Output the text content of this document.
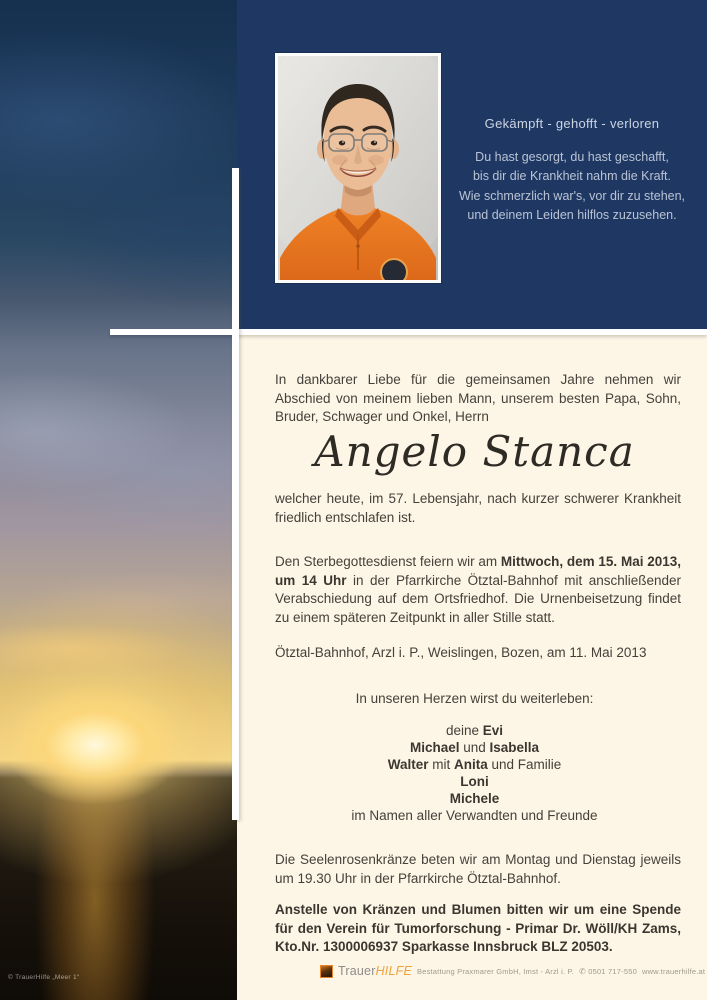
© TrauerHilfe „Meer 1“
Gekämpft - gehofft - verloren
Du hast gesorgt, du hast geschafft,
bis dir die Krankheit nahm die Kraft.
Wie schmerzlich war's, vor dir zu stehen,
und deinem Leiden hilflos zuzusehen.
In dankbarer Liebe für die gemeinsamen Jahre nehmen wir Abschied von meinem lieben Mann, unserem besten Papa, Sohn, Bruder, Schwager und Onkel, Herrn
Angelo Stanca
welcher heute, im 57. Lebensjahr, nach kurzer schwerer Krankheit friedlich entschlafen ist.
Den Sterbegottesdienst feiern wir am Mittwoch, dem 15. Mai 2013, um 14 Uhr in der Pfarrkirche Ötztal-Bahnhof mit anschließender Verabschiedung auf dem Ortsfriedhof. Die Urnenbeisetzung findet zu einem späteren Zeitpunkt in aller Stille statt.
Ötztal-Bahnhof, Arzl i. P., Weislingen, Bozen, am 11. Mai 2013
In unseren Herzen wirst du weiterleben:
deine Evi
Michael und Isabella
Walter mit Anita und Familie
Loni
Michele
im Namen aller Verwandten und Freunde
Die Seelenrosenkränze beten wir am Montag und Dienstag jeweils um 19.30 Uhr in der Pfarrkirche Ötztal-Bahnhof.
Anstelle von Kränzen und Blumen bitten wir um eine Spende für den Verein für Tumorforschung - Primar Dr. Wöll/KH Zams, Kto.Nr. 1300006937 Sparkasse Innsbruck BLZ 20503.
TrauerHILFE Bestattung Praxmarer GmbH, Imst - Arzl i. P. ✆ 0501 717-550 www.trauerhilfe.at
